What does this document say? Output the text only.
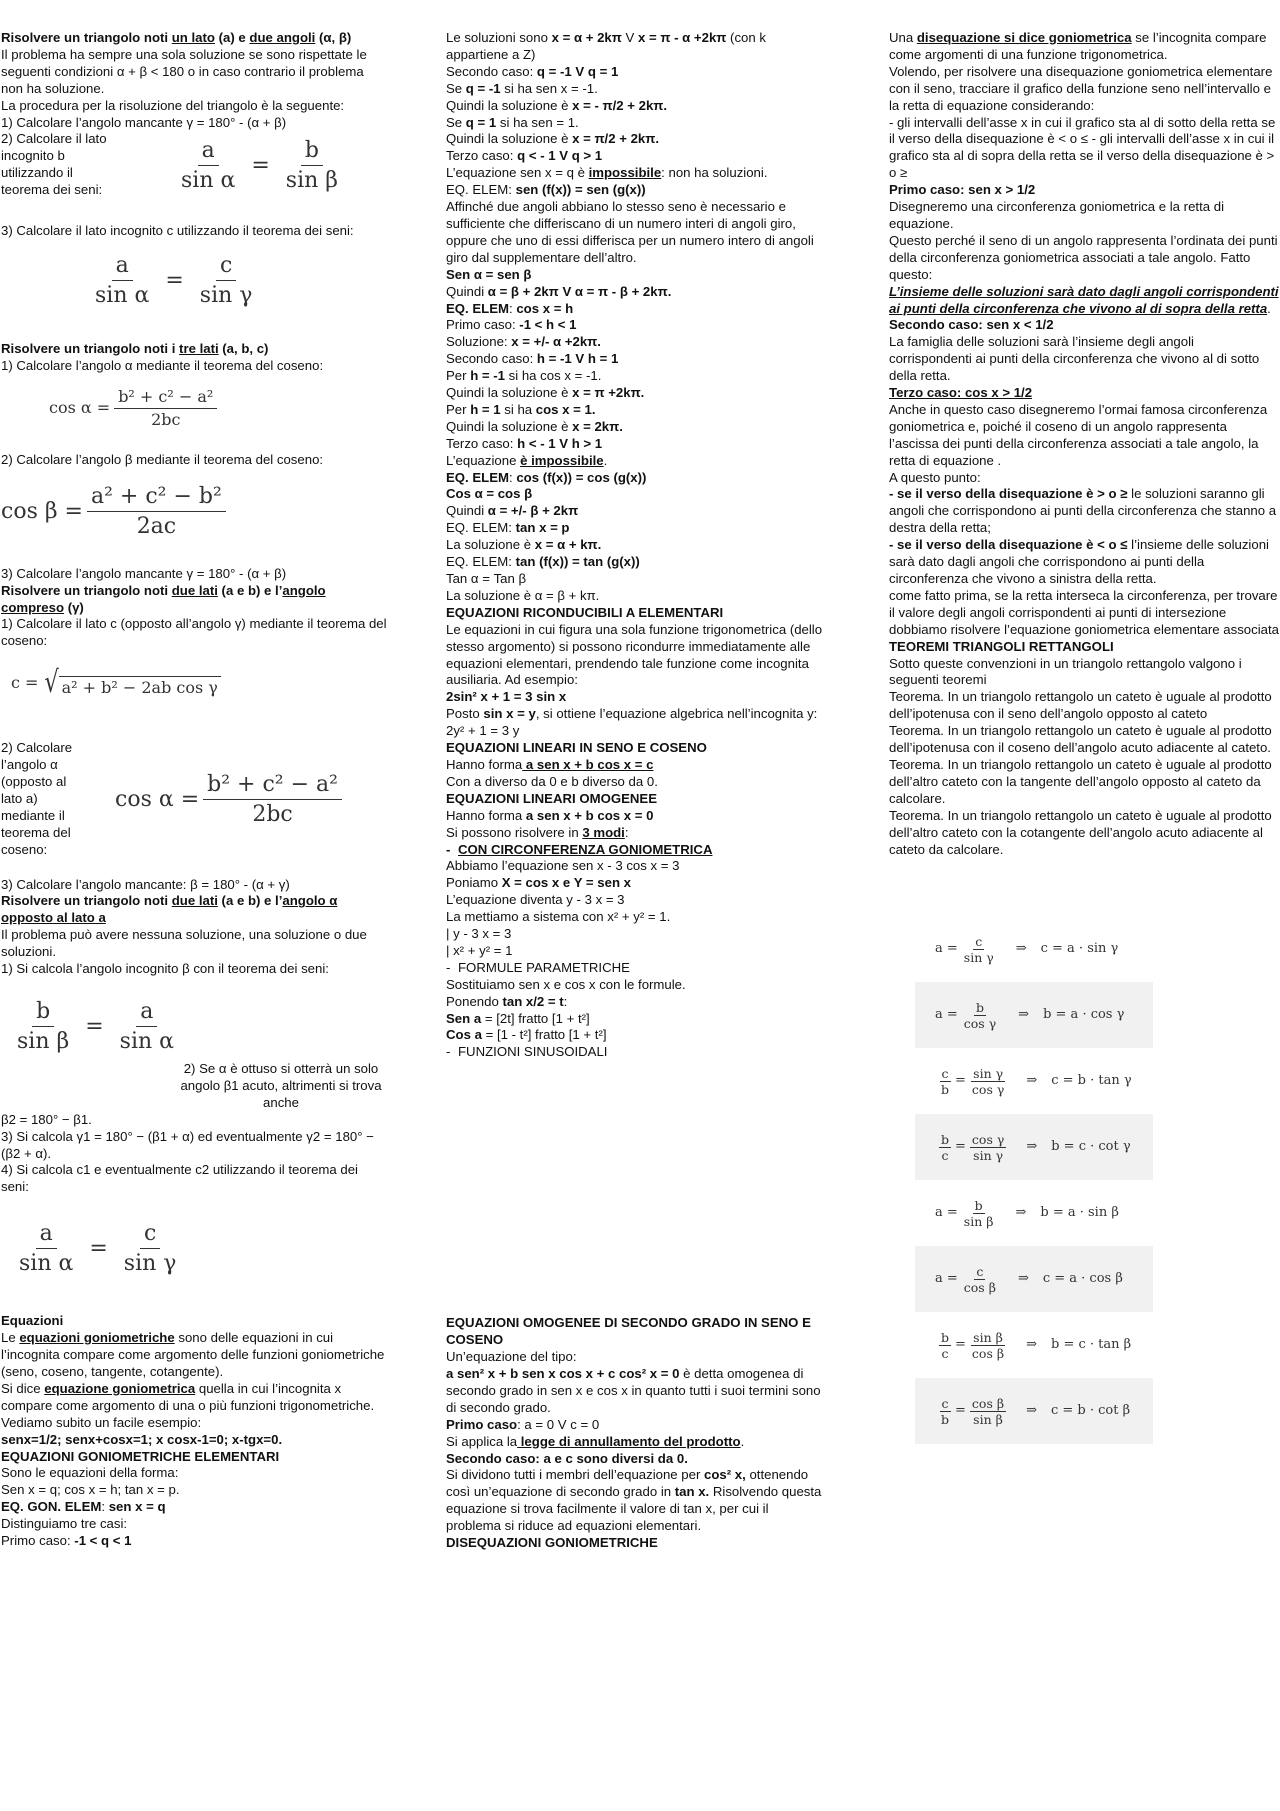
Risolvere un triangolo noti un lato (a) e due angoli (α, β)

Il problema ha sempre una sola soluzione se sono rispettate le seguenti condizioni α + β < 180 o in caso contrario il problema non ha soluzione.

La procedura per la risoluzione del triangolo è la seguente:

1) Calcolare l’angolo mancante γ = 180° - (α + β)

2) Calcolare il lato incognito b utilizzando il teorema dei seni:	$\frac{a}{\text{sin α}} = \frac{b}{\text{sin β}}$

3) Calcolare il lato incognito c utilizzando il teorema dei seni:

$\frac{a}{\text{sin α}} = \frac{c}{\text{sin γ}}$

Risolvere un triangolo noti i tre lati (a, b, c)

1) Calcolare l’angolo α mediante il teorema del coseno:

$\cos \alpha = \frac{\text{b² + c² − a²}}{2bc}$

2) Calcolare l’angolo β mediante il teorema del coseno:

$\cos \beta = \frac{\text{a² + c² − b²}}{2ac}$

3) Calcolare l’angolo mancante γ = 180° - (α + β)

Risolvere un triangolo noti due lati (a e b) e l’angolo compreso (γ)

1) Calcolare il lato c (opposto all’angolo γ) mediante il teorema del coseno:

c = √ a² + b² − 2ab cos γ

2) Calcolare l’angolo α (opposto al lato a) mediante il teorema del coseno:

$\cos \alpha = \frac{\text{b² + c² − a²}}{2bc}$

3) Calcolare l’angolo mancante: β = 180° - (α + γ)

Risolvere un triangolo noti due lati (a e b) e l’angolo α opposto al lato a

Il problema può avere nessuna soluzione, una soluzione o due soluzioni.

1) Si calcola l’angolo incognito β con il teorema dei seni:

$\frac{b}{\text{sin β}} = \frac{a}{\text{sin α}}$

2) Se α è ottuso si otterrà un solo angolo β1 acuto, altrimenti si trova anche

β2 = 180° − β1.

3) Si calcola γ1 = 180° − (β1 + α) ed eventualmente γ2 = 180° − (β2 + α).

4) Si calcola c1 e eventualmente c2 utilizzando il teorema dei seni:

$\frac{a}{\text{sin α}} = \frac{c}{\text{sin γ}}$

Equazioni

Le equazioni goniometriche sono delle equazioni in cui l’incognita compare come argomento delle funzioni goniometriche (seno, coseno, tangente, cotangente).

Si dice equazione goniometrica quella in cui l’incognita x compare come argomento di una o più funzioni trigonometriche. Vediamo subito un facile esempio:

senx=1/2; senx+cosx=1; x cosx-1=0; x-tgx=0.

EQUAZIONI GONIOMETRICHE ELEMENTARI

Sono le equazioni della forma:

Sen x = q; cos x = h; tan x = p.

EQ. GON. ELEM: sen x = q

Distinguiamo tre casi:

Primo caso: -1 < q < 1

Le soluzioni sono x = α + 2kπ V x = π - α +2kπ (con k appartiene a Z)

Secondo caso: q = -1 V q = 1

Se q = -1 si ha sen x = -1.

Quindi la soluzione è x = - π/2 + 2kπ.

Se q = 1 si ha sen = 1.

Quindi la soluzione è x = π/2 + 2kπ.

Terzo caso: q < - 1 V q > 1

L’equazione sen x = q è impossibile: non ha soluzioni.

EQ. ELEM: sen (f(x)) = sen (g(x))

Affinché due angoli abbiano lo stesso seno è necessario e sufficiente che differiscano di un numero interi di angoli giro, oppure che uno di essi differisca per un numero intero di angoli giro dal supplementare dell’altro.

Sen α = sen β

Quindi α = β + 2kπ V α = π - β + 2kπ.

EQ. ELEM: cos x = h

Primo caso: -1 < h < 1

Soluzione: x = +/- α +2kπ.

Secondo caso: h = -1 V h = 1

Per h = -1 si ha cos x = -1.

Quindi la soluzione è x = π +2kπ.

Per h = 1 si ha cos x = 1.

Quindi la soluzione è x = 2kπ.

Terzo caso: h < - 1 V h > 1

L’equazione è impossibile.

EQ. ELEM: cos (f(x)) = cos (g(x))

Cos α = cos β

Quindi α = +/- β + 2kπ

EQ. ELEM: tan x = p

La soluzione è x = α + kπ.

EQ. ELEM: tan (f(x)) = tan (g(x))

Tan α = Tan β

La soluzione è α = β + kπ.

EQUAZIONI RICONDUCIBILI A ELEMENTARI

Le equazioni in cui figura una sola funzione trigonometrica (dello stesso argomento) si possono ricondurre immediatamente alle equazioni elementari, prendendo tale funzione come incognita ausiliaria. Ad esempio:

2sin² x + 1 = 3 sin x

Posto sin x = y, si ottiene l’equazione algebrica nell’incognita y:

2y² + 1 = 3 y

EQUAZIONI LINEARI IN SENO E COSENO

Hanno forma a sen x + b cos x = c

Con a diverso da 0 e b diverso da 0.

EQUAZIONI LINEARI OMOGENEE

Hanno forma a sen x + b cos x = 0

Si possono risolvere in 3 modi:

- CON CIRCONFERENZA GONIOMETRICA

Abbiamo l’equazione sen x - 3 cos x = 3

Poniamo X = cos x e Y = sen x

L’equazione diventa y - 3 x = 3

La mettiamo a sistema con x² + y² = 1.

| y - 3 x = 3

| x² + y² = 1

- FORMULE PARAMETRICHE

Sostituiamo sen x e cos x con le formule.

Ponendo tan x/2 = t:

Sen a = [2t] fratto [1 + t²]

Cos a = [1 - t²] fratto [1 + t²]

- FUNZIONI SINUSOIDALI

EQUAZIONI OMOGENEE DI SECONDO GRADO IN SENO E COSENO

Un’equazione del tipo:

a sen² x + b sen x cos x + c cos² x = 0 è detta omogenea di secondo grado in sen x e cos x in quanto tutti i suoi termini sono di secondo grado.

Primo caso: a = 0 V c = 0

Si applica la legge di annullamento del prodotto.

Secondo caso: a e c sono diversi da 0.

Si dividono tutti i membri dell’equazione per cos² x, ottenendo così un’equazione di secondo grado in tan x. Risolvendo questa equazione si trova facilmente il valore di tan x, per cui il problema si riduce ad equazioni elementari.

DISEQUAZIONI GONIOMETRICHE

Una disequazione si dice goniometrica se l’incognita compare come argomenti di una funzione trigonometrica.

Volendo, per risolvere una disequazione goniometrica elementare con il seno, tracciare il grafico della funzione seno nell’intervallo e la retta di equazione considerando:

- gli intervalli dell’asse x in cui il grafico sta al di sotto della retta se il verso della disequazione è < o ≤ - gli intervalli dell’asse x in cui il grafico sta al di sopra della retta se il verso della disequazione è > o ≥

Primo caso: sen x > 1/2

Disegneremo una circonferenza goniometrica e la retta di equazione.

Questo perché il seno di un angolo rappresenta l’ordinata dei punti della circonferenza goniometrica associati a tale angolo. Fatto questo:

L’insieme delle soluzioni sarà dato dagli angoli corrispondenti ai punti della circonferenza che vivono al di sopra della retta.

Secondo caso: sen x < 1/2

La famiglia delle soluzioni sarà l’insieme degli angoli corrispondenti ai punti della circonferenza che vivono al di sotto della retta.

Terzo caso: cos x > 1/2

Anche in questo caso disegneremo l’ormai famosa circonferenza goniometrica e, poiché il coseno di un angolo rappresenta l’ascissa dei punti della circonferenza associati a tale angolo, la retta di equazione .

A questo punto:

- se il verso della disequazione è > o ≥ le soluzioni saranno gli angoli che corrispondono ai punti della circonferenza che stanno a destra della retta;

- se il verso della disequazione è < o ≤ l’insieme delle soluzioni sarà dato dagli angoli che corrispondono ai punti della circonferenza che vivono a sinistra della retta.

come fatto prima, se la retta interseca la circonferenza, per trovare il valore degli angoli corrispondenti ai punti di intersezione dobbiamo risolvere l’equazione goniometrica elementare associata

TEOREMI TRIANGOLI RETTANGOLI

Sotto queste convenzioni in un triangolo rettangolo valgono i seguenti teoremi

Teorema. In un triangolo rettangolo un cateto è uguale al prodotto dell’ipotenusa con il seno dell’angolo opposto al cateto

Teorema. In un triangolo rettangolo un cateto è uguale al prodotto dell’ipotenusa con il coseno dell’angolo acuto adiacente al cateto.

Teorema. In un triangolo rettangolo un cateto è uguale al prodotto dell’altro cateto con la tangente dell’angolo opposto al cateto da calcolare.

Teorema. In un triangolo rettangolo un cateto è uguale al prodotto dell’altro cateto con la cotangente dell’angolo acuto adiacente al cateto da calcolare.

$a = \frac{c}{\text{sin γ}}$ ⇒ c = a · sin γ
$a = \frac{b}{\text{cos γ}}$ ⇒ b = a · cos γ
$\frac{c}{b} = \frac{\text{sin γ}}{\text{cos γ}}$ ⇒ c = b · tan γ
$\frac{b}{c} = \frac{\text{cos γ}}{\text{sin γ}}$ ⇒ b = c · cot γ
$a = \frac{b}{\text{sin β}}$ ⇒ b = a · sin β
$a = \frac{c}{\text{cos β}}$ ⇒ c = a · cos β
$\frac{b}{c} = \frac{\text{sin β}}{\text{cos β}}$ ⇒ b = c · tan β
$\frac{c}{b} = \frac{\text{cos β}}{\text{sin β}}$ ⇒ c = b · cot β
